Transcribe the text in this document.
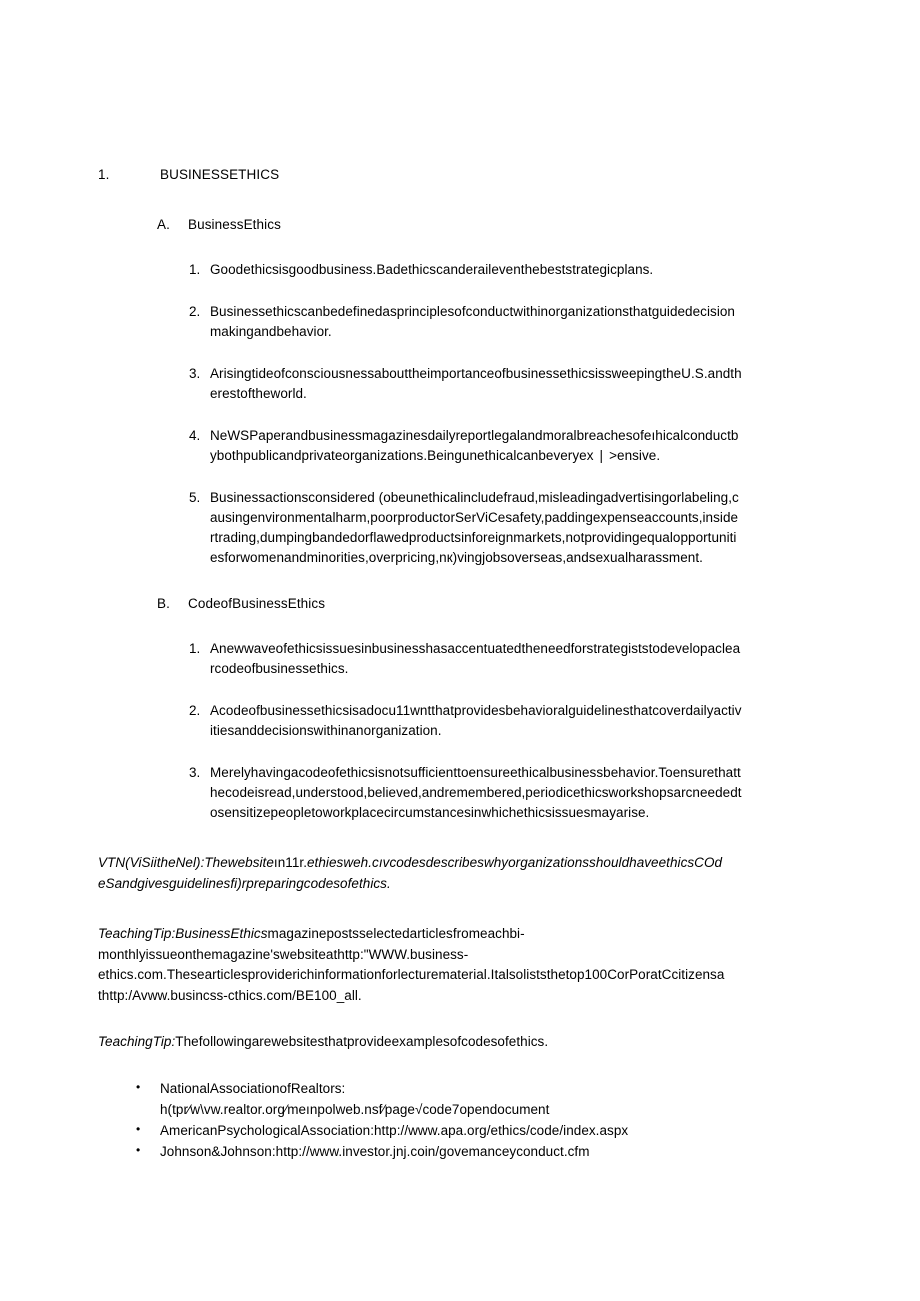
1.	BUSINESSETHICS
A. BusinessEthics
1. Goodethicsisgoodbusiness.Badethicscanderaileventhebeststrategicplans.
2. Businessethicscanbedefinedasprinciplesofconductwithinorganizationsthatguidedecision makingandbehavior.
3. ArisingtideofconsciousnessabouttheimportanceofbusinessethicsissweepingtheU.S.andth erestoftheworld.
4. NeWSPaperandbusinessmagazinesdailyreportlegalandmoralbreachesofeıhicalconductb ybothpublicandprivateorganizations.Beingunethicalcanbeveryex | >ensive.
5. Businessactionsconsidered (obeunethicalincludefraud,misleadingadvertisingorlabeling,c ausingenvironmentalharm,poorproductorSerViCesafety,paddingexpenseaccounts,inside rtrading,dumpingbandedorflawedproductsinforeignmarkets,notprovidingequalopportuniti esforwomenandminorities,overpricing,nк)vingjobsoverseas,andsexualharassment.
B. CodeofBusinessEthics
1. Anewwaveofethicsissuesinbusinesshasaccentuatedtheneedforstrategiststodevelopaclea rcodeofbusinessethics.
2. Acodeofbusinessethicsisadocu11wntthatprovidesbehavioralguidelinesthatcoverdailyactiv itiesanddecisionswithinanorganization.
3. Merelyhavingacodeofethicsisnotsufficienttoensureethicalbusinessbehavior.Toensurethatt hecodeisread,understood,believed,andremembered,periodicethicsworkshopsarcneededt osensitizepeopletoworkplacecircumstancesinwhichethicsissuesmayarise.

VTN(ViSiitheNel):Thewebsiteın11r.ethiesweh.cıvcodesdescribeswhyorganizationsshouldhaveethicsCOd eSandgivesguidelinesfi)rpreparingcodesofethics.

TeachingTip:BusinessEthicsmagazinepostsselectedarticlesfromeachbi-monthlyissueonthemagazine'swebsiteathttp:"WWW.business-ethics.com.Thesearticlesproviderichinformationforlecturematerial.Italsoliststhetop100CorPoratCcitizensa thttp:/Avww.busincss-cthics.com/BE100_all.

TeachingTip:Thefollowingarewebsitesthatprovideexamplesofcodesofethics.

• NationalAssociationofRealtors:
h(tpr⁄w\vw.realtor.org⁄meınpolweb.nsf⁄page√code7opendocument
• AmericanPsychologicalAssociation:http://www.apa.org/ethics/code/index.aspx
• Johnson&Johnson:http://www.investor.jnj.coin/govemanceyconduct.cfm
